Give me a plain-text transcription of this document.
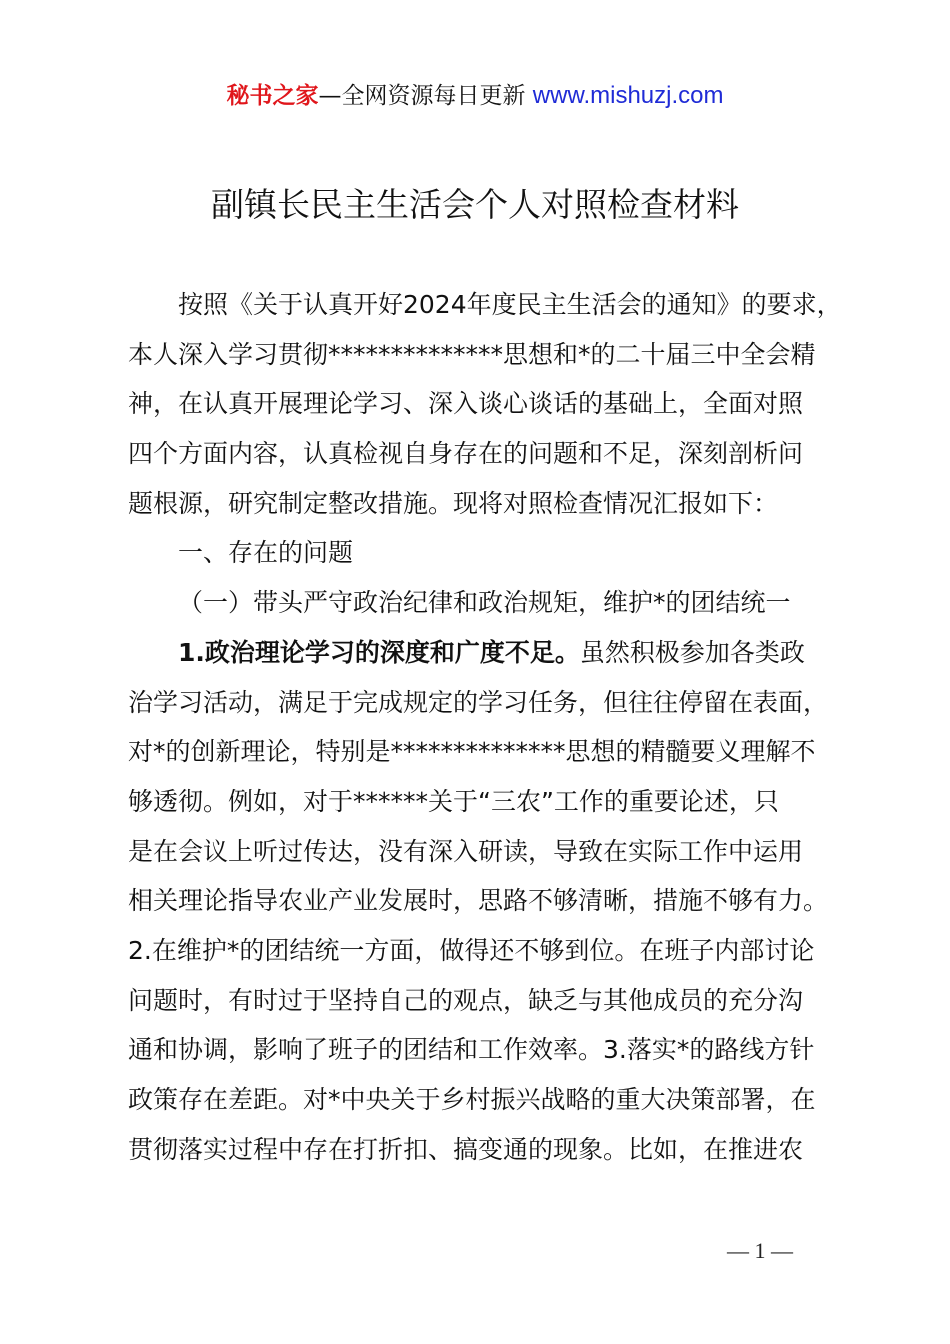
秘书之家—全网资源每日更新 www.mishuzj.com
副镇长民主生活会个人对照检查材料
按照《关于认真开好2024年度民主生活会的通知》的要求，
本人深入学习贯彻**************思想和*的二十届三中全会精
神，在认真开展理论学习、深入谈心谈话的基础上，全面对照
四个方面内容，认真检视自身存在的问题和不足，深刻剖析问
题根源，研究制定整改措施。现将对照检查情况汇报如下：
一、存在的问题
（一）带头严守政治纪律和政治规矩，维护*的团结统一
1.政治理论学习的深度和广度不足。虽然积极参加各类政
治学习活动，满足于完成规定的学习任务，但往往停留在表面，
对*的创新理论，特别是**************思想的精髓要义理解不
够透彻。例如，对于******关于“三农”工作的重要论述，只
是在会议上听过传达，没有深入研读，导致在实际工作中运用
相关理论指导农业产业发展时，思路不够清晰，措施不够有力。
2.在维护*的团结统一方面，做得还不够到位。在班子内部讨论
问题时，有时过于坚持自己的观点，缺乏与其他成员的充分沟
通和协调，影响了班子的团结和工作效率。3.落实*的路线方针
政策存在差距。对*中央关于乡村振兴战略的重大决策部署，在
贯彻落实过程中存在打折扣、搞变通的现象。比如，在推进农
— 1 —
